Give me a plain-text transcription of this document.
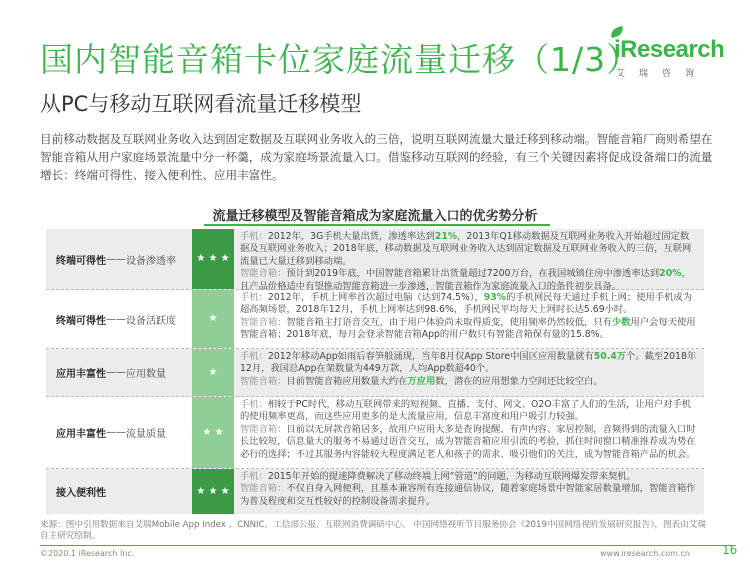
国内智能音箱卡位家庭流量迁移（1/3）
iResearch
艾瑞咨询
从PC与移动互联网看流量迁移模型
目前移动数据及互联网业务收入达到固定数据及互联网业务收入的三倍，说明互联网流量大量迁移到移动端。智能音箱厂商则希望在智能音箱从用户家庭场景流量中分一杯羹，成为家庭场景流量入口。借鉴移动互联网的经验，有三个关键因素将促成设备端口的流量增长：终端可得性、接入便利性、应用丰富性。
流量迁移模型及智能音箱成为家庭流量入口的优劣势分析
终端可得性 —— 设备渗透率	★ ★ ★
手机：2012年，3G手机大量出货，渗透率达到21%，2013年Q1移动数据及互联网业务收入开始超过固定数据及互联网业务收入；2018年底，移动数据及互联网业务收入达到固定数据及互联网业务收入的三倍，互联网流量已大量迁移到移动端。
智能音箱：预计到2019年底，中国智能音箱累计出货量超过7200万台，在我国城镇住房中渗透率达到20%，且产品价格适中有望推动智能音箱进一步渗透，智能音箱作为家庭流量入口的条件初步具备。
终端可得性 —— 设备活跃度	★
手机：2012年，手机上网率首次超过电脑（达到74.5%），93%的手机网民每天通过手机上网；使用手机成为超高频场景，2018年12月，手机上网率达到98.6%，手机网民平均每天上网时长达5.69小时。
智能音箱：智能音箱主打语音交互，由于用户体验尚未取得质变，使用频率仍然较低，只有少数用户会每天使用智能音箱；2018年底，每月会登录智能音箱App的用户数只有智能音箱保有量的15.8%。
应用丰富性 —— 应用数量	★
手机：2012年移动App如雨后春笋般涌现，当年8月仅App Store中国区应用数量就有50.4万个。截至2018年12月，我国总App在架数量为449万款，人均App数超40个。
智能音箱：目前智能音箱应用数量大约在万应用数，潜在的应用想象力空间还比较空白。
应用丰富性 —— 流量质量	★ ★
手机：相较于PC时代，移动互联网带来的短视频、直播、支付、网文、O2O丰富了人们的生活，让用户对手机的使用频率更高，而这些应用更多的是大流量应用，信息丰富度和用户吸引力较强。
智能音箱：目前以无屏款音箱居多，故用户应用大多是查询提醒、有声内容、家居控制，音频得到的流量入口时长比较短，信息量大的服务不易通过语音交互，成为智能音箱应用引流的考验，抓住时间窗口精准推荐成为势在必行的选择；不过其服务内容能较大程度满足老人和孩子的需求、吸引他们的关注，成为智能音箱产品的机会。
接入便利性	★ ★ ★
手机：2015年开始的提速降费解决了移动终端上网“管道”的问题，为移动互联网爆发带来契机。
智能音箱：不仅自身入网便利，且基本兼容所有连接通信协议，随着家庭场景中智能家居数量增加，智能音箱作为普及程度和交互性较好的控制设备需求提升。
来源：图中引用数据来自艾瑞Mobile App Index 、CNNIC、工信部公报、互联网消费调研中心、 中国网络视听节目服务协会《2019中国网络视听发展研究报告》，图表由艾瑞自主研究绘制。
©2020.1 iResearch Inc.	www.iresearch.com.cn	16
